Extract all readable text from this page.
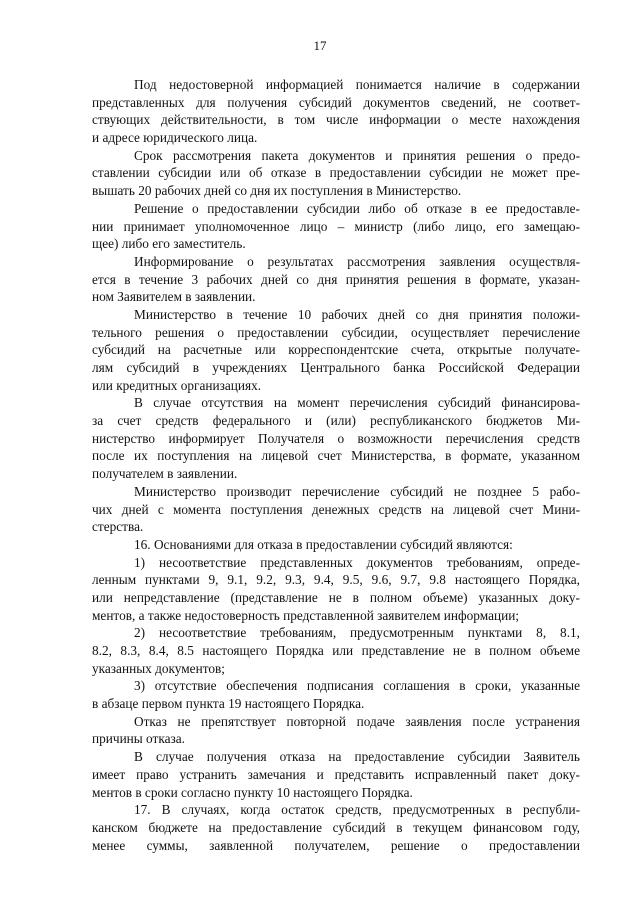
17
Под недостоверной информацией понимается наличие в содержании
представленных для получения субсидий документов сведений, не соответ-
ствующих действительности, в том числе информации о месте нахождения
и адресе юридического лица.
Срок рассмотрения пакета документов и принятия решения о предо-
ставлении субсидии или об отказе в предоставлении субсидии не может пре-
вышать 20 рабочих дней со дня их поступления в Министерство.
Решение о предоставлении субсидии либо об отказе в ее предоставле-
нии принимает уполномоченное лицо – министр (либо лицо, его замещаю-
щее) либо его заместитель.
Информирование о результатах рассмотрения заявления осуществля-
ется в течение 3 рабочих дней со дня принятия решения в формате, указан-
ном Заявителем в заявлении.
Министерство в течение 10 рабочих дней со дня принятия положи-
тельного решения о предоставлении субсидии, осуществляет перечисление
субсидий на расчетные или корреспондентские счета, открытые получате-
лям субсидий в учреждениях Центрального банка Российской Федерации
или кредитных организациях.
В случае отсутствия на момент перечисления субсидий финансирова-
за счет средств федерального и (или) республиканского бюджетов Ми-
нистерство информирует Получателя о возможности перечисления средств
после их поступления на лицевой счет Министерства, в формате, указанном
получателем в заявлении.
Министерство производит перечисление субсидий не позднее 5 рабо-
чих дней с момента поступления денежных средств на лицевой счет Мини-
стерства.
16. Основаниями для отказа в предоставлении субсидий являются:
1) несоответствие представленных документов требованиям, опреде-
ленным пунктами 9, 9.1, 9.2, 9.3, 9.4, 9.5, 9.6, 9.7, 9.8 настоящего Порядка,
или непредставление (представление не в полном объеме) указанных доку-
ментов, а также недостоверность представленной заявителем информации;
2) несоответствие требованиям, предусмотренным пунктами 8, 8.1,
8.2, 8.3, 8.4, 8.5 настоящего Порядка или представление не в полном объеме
указанных документов;
3) отсутствие обеспечения подписания соглашения в сроки, указанные
в абзаце первом пункта 19 настоящего Порядка.
Отказ не препятствует повторной подаче заявления после устранения
причины отказа.
В случае получения отказа на предоставление субсидии Заявитель
имеет право устранить замечания и представить исправленный пакет доку-
ментов в сроки согласно пункту 10 настоящего Порядка.
17. В случаях, когда остаток средств, предусмотренных в республи-
канском бюджете на предоставление субсидий в текущем финансовом году,
менее суммы, заявленной получателем, решение о предоставлении
